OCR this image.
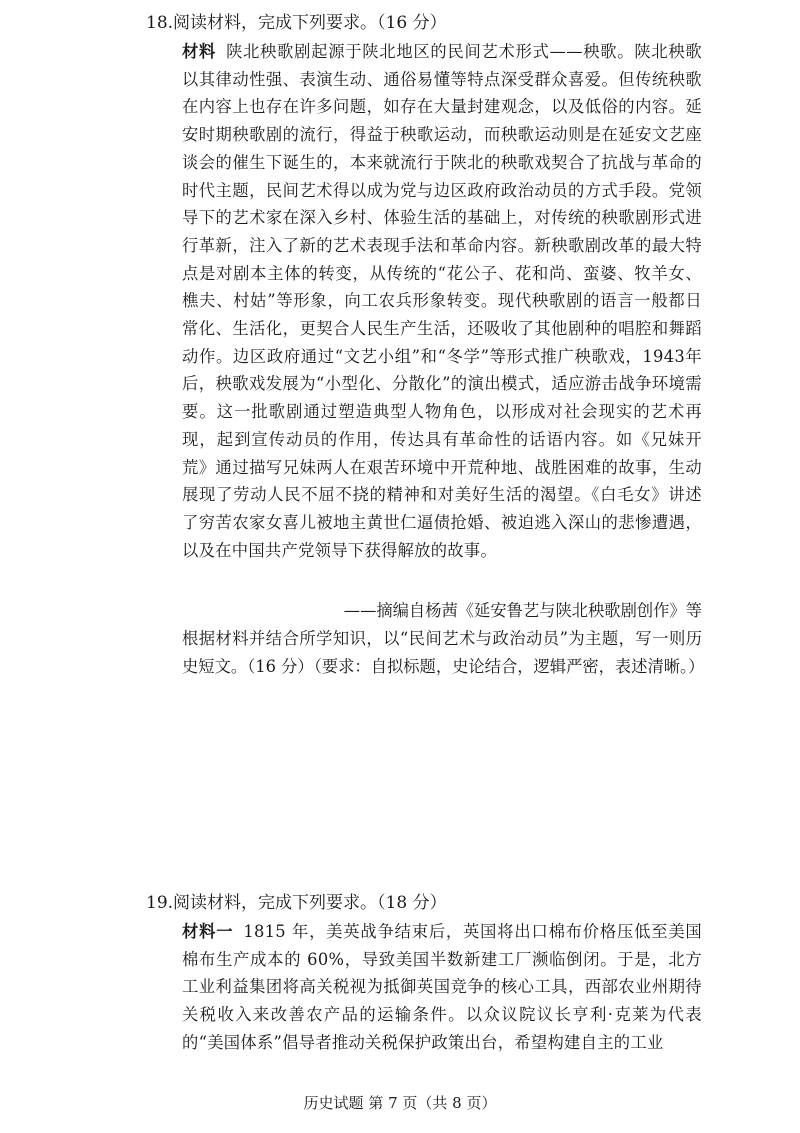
18.阅读材料，完成下列要求。（16 分）

材料 陕北秧歌剧起源于陕北地区的民间艺术形式——秧歌。陕北秧歌以其律动性强、表演生动、通俗易懂等特点深受群众喜爱。但传统秧歌在内容上也存在许多问题，如存在大量封建观念，以及低俗的内容。延安时期秧歌剧的流行，得益于秧歌运动，而秧歌运动则是在延安文艺座谈会的催生下诞生的，本来就流行于陕北的秧歌戏契合了抗战与革命的时代主题，民间艺术得以成为党与边区政府政治动员的方式手段。党领导下的艺术家在深入乡村、体验生活的基础上，对传统的秧歌剧形式进行革新，注入了新的艺术表现手法和革命内容。新秧歌剧改革的最大特点是对剧本主体的转变，从传统的“花公子、花和尚、蛮婆、牧羊女、樵夫、村姑”等形象，向工农兵形象转变。现代秧歌剧的语言一般都日常化、生活化，更契合人民生产生活，还吸收了其他剧种的唱腔和舞蹈动作。边区政府通过“文艺小组”和“冬学”等形式推广秧歌戏，1943年后，秧歌戏发展为“小型化、分散化”的演出模式，适应游击战争环境需要。这一批歌剧通过塑造典型人物角色，以形成对社会现实的艺术再现，起到宣传动员的作用，传达具有革命性的话语内容。如《兄妹开荒》通过描写兄妹两人在艰苦环境中开荒种地、战胜困难的故事，生动展现了劳动人民不屈不挠的精神和对美好生活的渴望。《白毛女》讲述了穷苦农家女喜儿被地主黄世仁逼债抢婚、被迫逃入深山的悲惨遭遇，以及在中国共产党领导下获得解放的故事。

——摘编自杨茜《延安鲁艺与陕北秧歌剧创作》等
根据材料并结合所学知识，以“民间艺术与政治动员”为主题，写一则历史短文。（16 分）（要求：自拟标题，史论结合，逻辑严密，表述清晰。）
19.阅读材料，完成下列要求。（18 分）

材料一 1815 年，美英战争结束后，英国将出口棉布价格压低至美国棉布生产成本的 60%，导致美国半数新建工厂濒临倒闭。于是，北方工业利益集团将高关税视为抵御英国竞争的核心工具，西部农业州期待关税收入来改善农产品的运输条件。以众议院议长亨利·克莱为代表的“美国体系”倡导者推动关税保护政策出台，希望构建自主的工业

历史试题 第 7 页（共 8 页）
